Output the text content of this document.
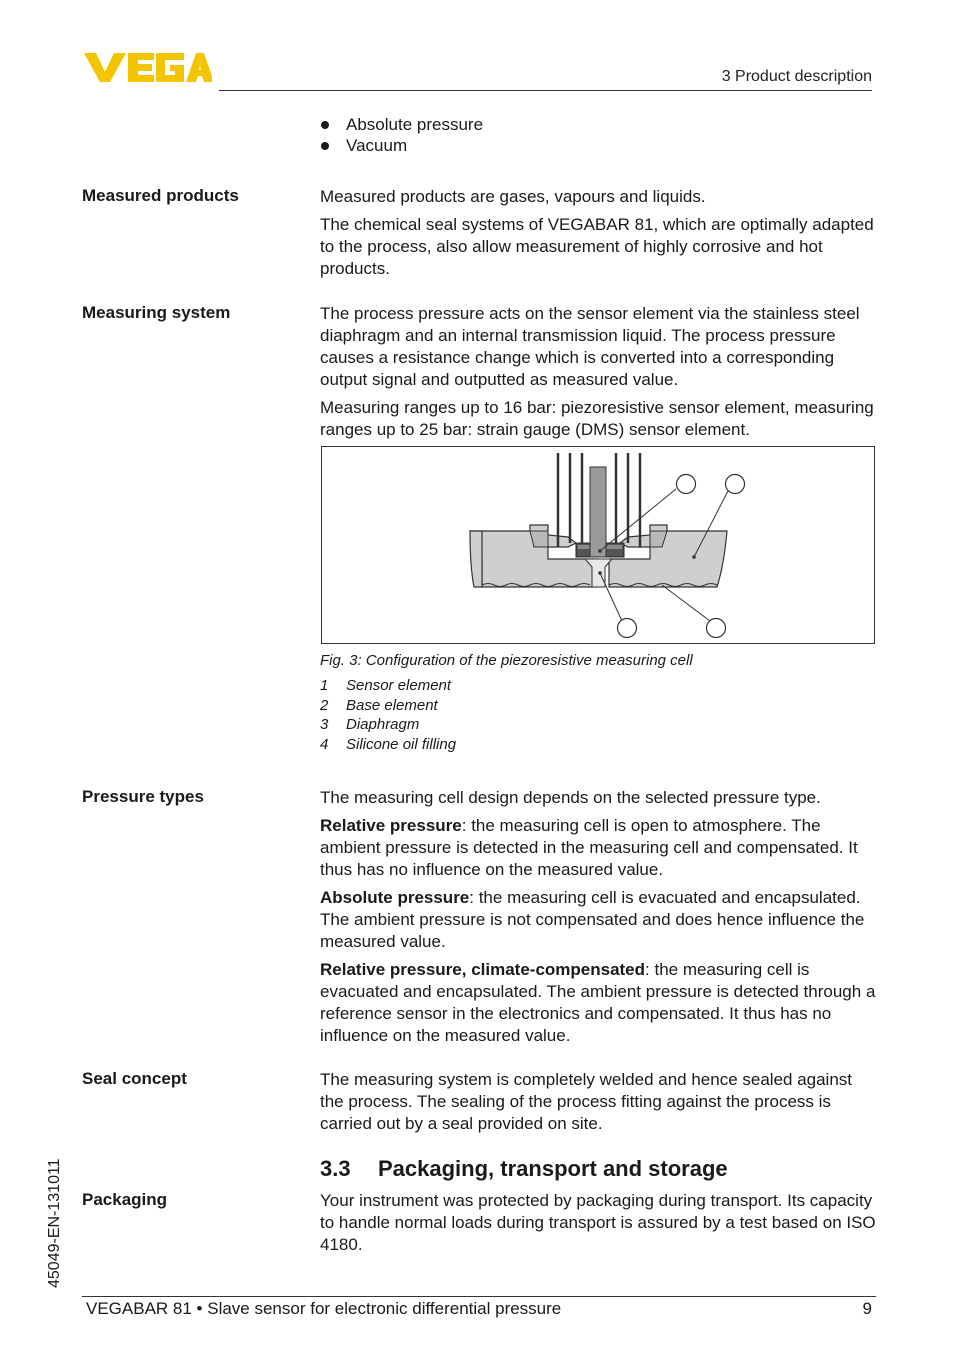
3 Product description
Absolute pressure
Vacuum
Measured products	Measured products are gases, vapours and liquids.

The chemical seal systems of VEGABAR 81, which are optimally adapted to the process, also allow measurement of highly corrosive and hot products.

Measuring system	The process pressure acts on the sensor element via the stainless steel diaphragm and an internal transmission liquid. The process pressure causes a resistance change which is converted into a corresponding output signal and outputted as measured value.

Measuring ranges up to 16 bar: piezoresistive sensor element, measuring ranges up to 25 bar: strain gauge (DMS) sensor element.

Fig. 3: Configuration of the piezoresistive measuring cell
1	Sensor element
2	Base element
3	Diaphragm
4	Silicone oil filling
Pressure types	The measuring cell design depends on the selected pressure type.

Relative pressure: the measuring cell is open to atmosphere. The ambient pressure is detected in the measuring cell and compensated. It thus has no influence on the measured value.

Absolute pressure: the measuring cell is evacuated and encapsulated. The ambient pressure is not compensated and does hence influence the measured value.

Relative pressure, climate-compensated: the measuring cell is evacuated and encapsulated. The ambient pressure is detected through a reference sensor in the electronics and compensated. It thus has no influence on the measured value.

Seal concept	The measuring system is completely welded and hence sealed against the process. The sealing of the process fitting against the process is carried out by a seal provided on site.

3.3 Packaging, transport and storage
Packaging	Your instrument was protected by packaging during transport. Its capacity to handle normal loads during transport is assured by a test based on ISO 4180.

45049-EN-131011
VEGABAR 81 • Slave sensor for electronic differential pressure	9
